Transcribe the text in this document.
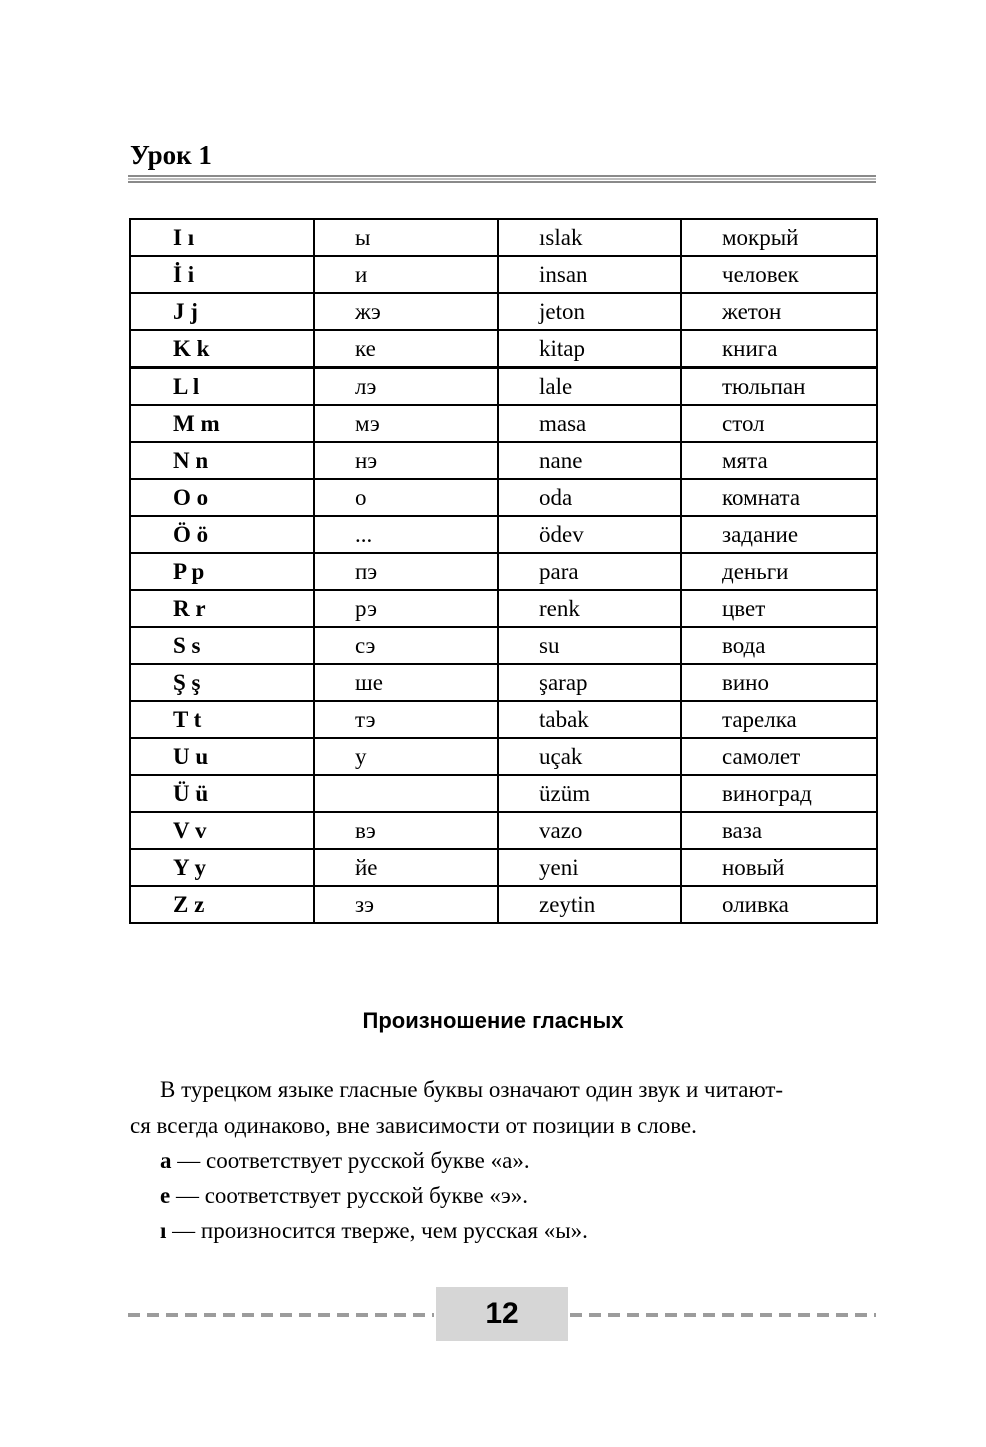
Урок 1
I ı	ы	ıslak	мокрый
İ i	и	insan	человек
J j	жэ	jeton	жетон
K k	ке	kitap	книга
L l	лэ	lale	тюльпан
M m	мэ	masa	стол
N n	нэ	nane	мята
O o	о	oda	комната
Ö ö	...	ödev	задание
P p	пэ	para	деньги
R r	рэ	renk	цвет
S s	сэ	su	вода
Ş ş	ше	şarap	вино
T t	тэ	tabak	тарелка
U u	у	uçak	самолет
Ü ü		üzüm	виноград
V v	вэ	vazo	ваза
Y y	йе	yeni	новый
Z z	зэ	zeytin	оливка
Произношение гласных
В турецком языке гласные буквы означают один звук и читают-
ся всегда одинаково, вне зависимости от позиции в слове.
a — соответствует русской букве «а».
e — соответствует русской букве «э».
ı — произносится тверже, чем русская «ы».
12
